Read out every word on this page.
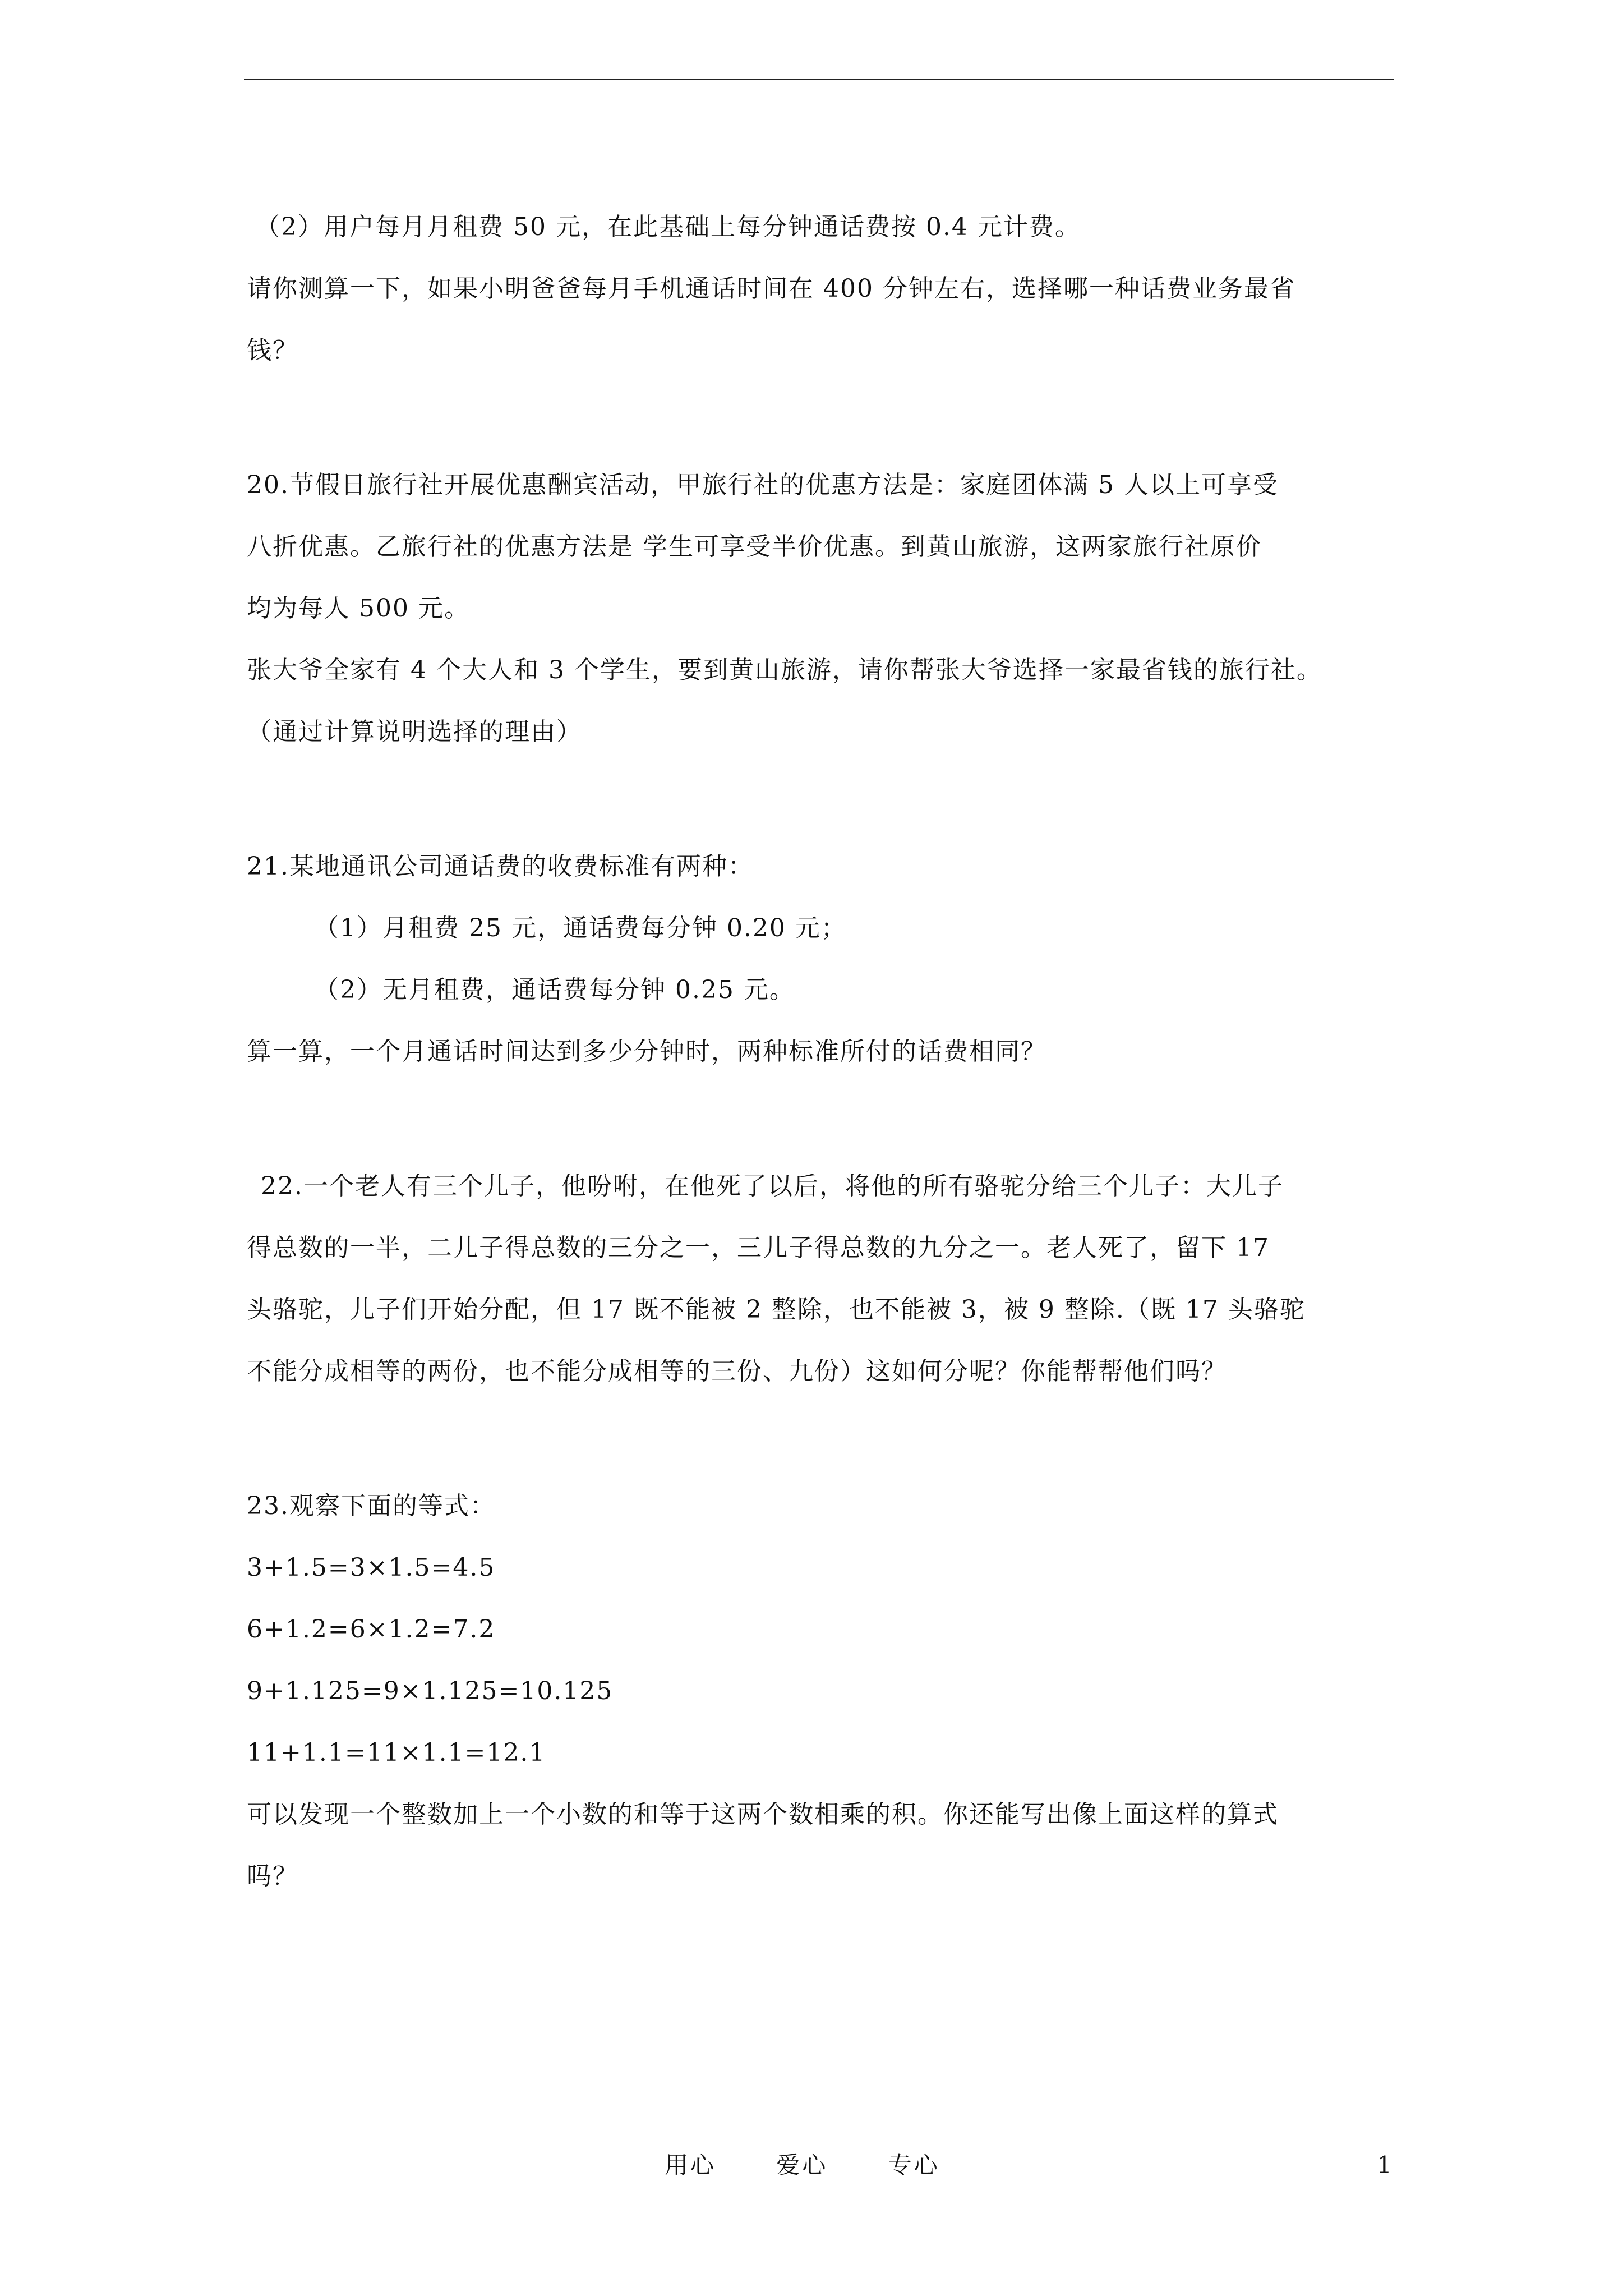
（2）用户每月月租费 50 元，在此基础上每分钟通话费按 0.4 元计费。
请你测算一下，如果小明爸爸每月手机通话时间在 400 分钟左右，选择哪一种话费业务最省
钱？
20.节假日旅行社开展优惠酬宾活动，甲旅行社的优惠方法是：家庭团体满 5 人以上可享受
八折优惠。乙旅行社的优惠方法是 学生可享受半价优惠。到黄山旅游，这两家旅行社原价
均为每人 500 元。
张大爷全家有 4 个大人和 3 个学生，要到黄山旅游，请你帮张大爷选择一家最省钱的旅行社。
（通过计算说明选择的理由）
21.某地通讯公司通话费的收费标准有两种：
（1）月租费 25 元，通话费每分钟 0.20 元；
（2）无月租费，通话费每分钟 0.25 元。
算一算，一个月通话时间达到多少分钟时，两种标准所付的话费相同？
22.一个老人有三个儿子，他吩咐，在他死了以后，将他的所有骆驼分给三个儿子：大儿子
得总数的一半，二儿子得总数的三分之一，三儿子得总数的九分之一。老人死了，留下 17
头骆驼，儿子们开始分配，但 17 既不能被 2 整除，也不能被 3，被 9 整除.（既 17 头骆驼
不能分成相等的两份，也不能分成相等的三份、九份）这如何分呢？你能帮帮他们吗？
23.观察下面的等式：
3+1.5=3×1.5=4.5
6+1.2=6×1.2=7.2
9+1.125=9×1.125=10.125
11+1.1=11×1.1=12.1
可以发现一个整数加上一个小数的和等于这两个数相乘的积。你还能写出像上面这样的算式
吗？
用心	爱心	专心	1
